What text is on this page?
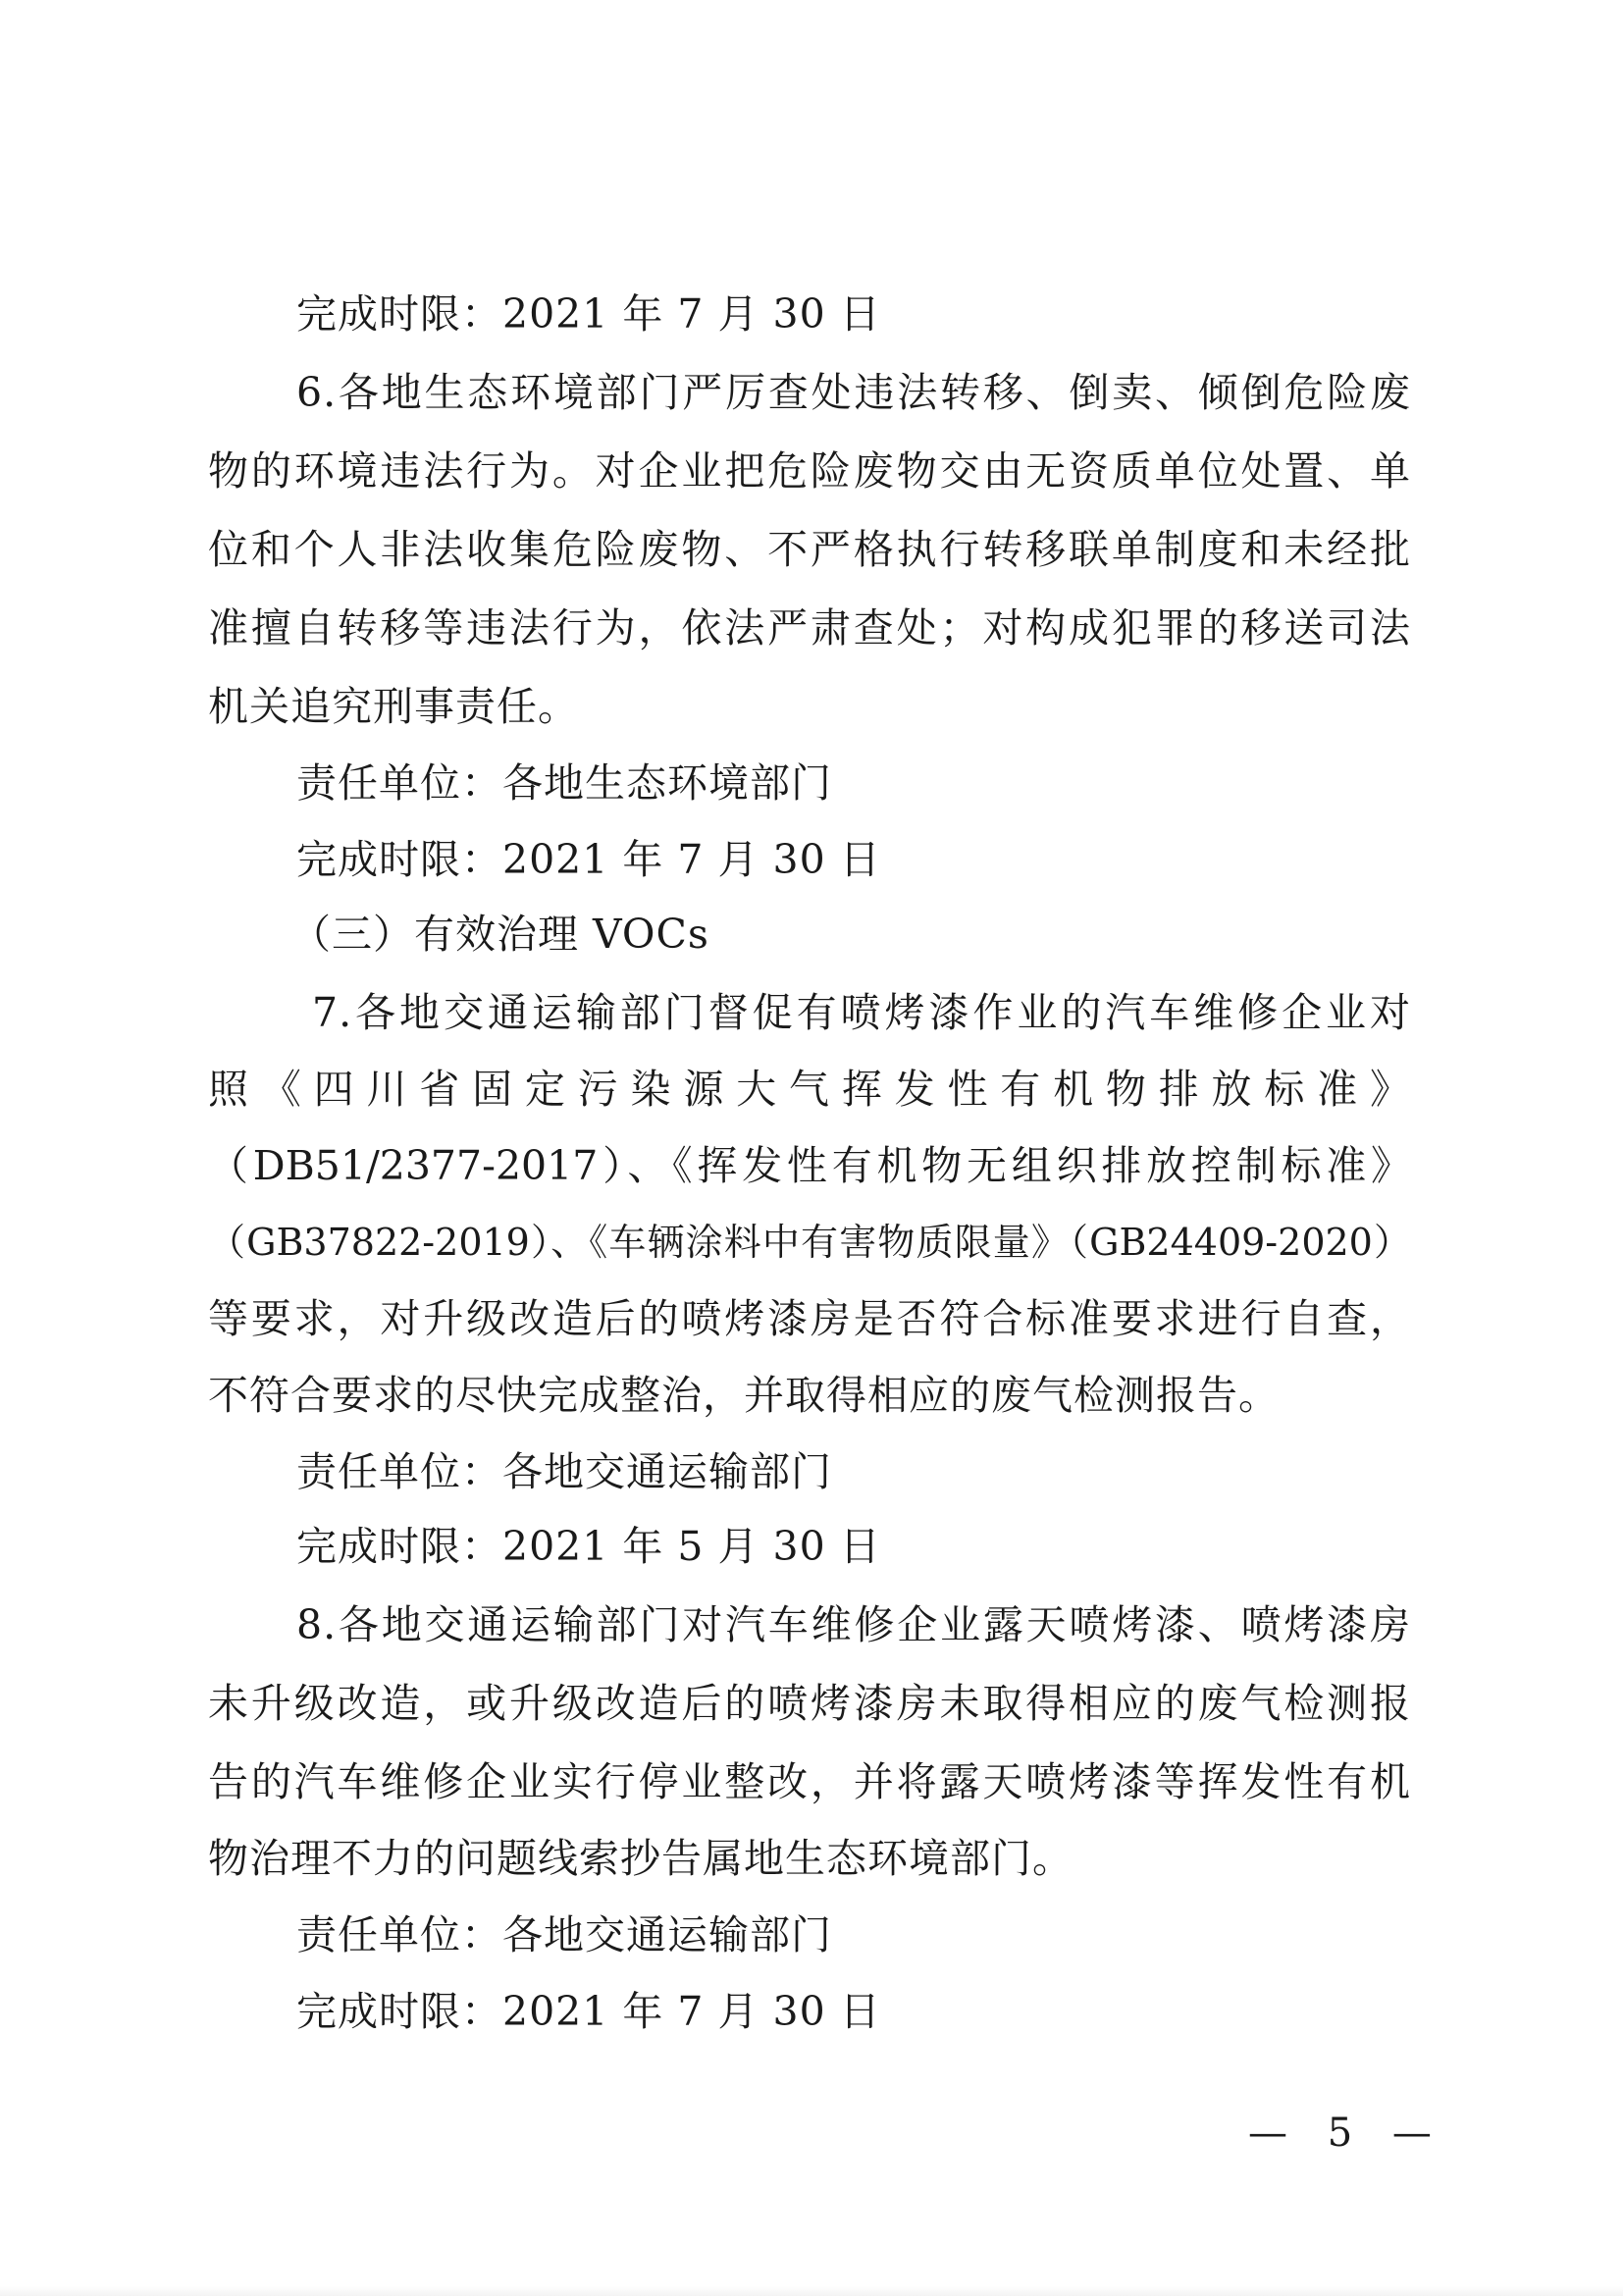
完成时限：2021 年 7 月 30 日
6.各地生态环境部门严厉查处违法转移、倒卖、倾倒危险废
物的环境违法行为。对企业把危险废物交由无资质单位处置、单
位和个人非法收集危险废物、不严格执行转移联单制度和未经批
准擅自转移等违法行为，依法严肃查处；对构成犯罪的移送司法
机关追究刑事责任。
责任单位：各地生态环境部门
完成时限：2021 年 7 月 30 日
（三）有效治理 VOCs
7.各地交通运输部门督促有喷烤漆作业的汽车维修企业对
照《四川省固定污染源大气挥发性有机物排放标准》
（DB51/2377-2017）、《挥发性有机物无组织排放控制标准》
（GB37822-2019）、《车辆涂料中有害物质限量》（GB24409-2020）
等要求，对升级改造后的喷烤漆房是否符合标准要求进行自查，
不符合要求的尽快完成整治，并取得相应的废气检测报告。
责任单位：各地交通运输部门
完成时限：2021 年 5 月 30 日
8.各地交通运输部门对汽车维修企业露天喷烤漆、喷烤漆房
未升级改造，或升级改造后的喷烤漆房未取得相应的废气检测报
告的汽车维修企业实行停业整改，并将露天喷烤漆等挥发性有机
物治理不力的问题线索抄告属地生态环境部门。
责任单位：各地交通运输部门
完成时限：2021 年 7 月 30 日
— 5 —
